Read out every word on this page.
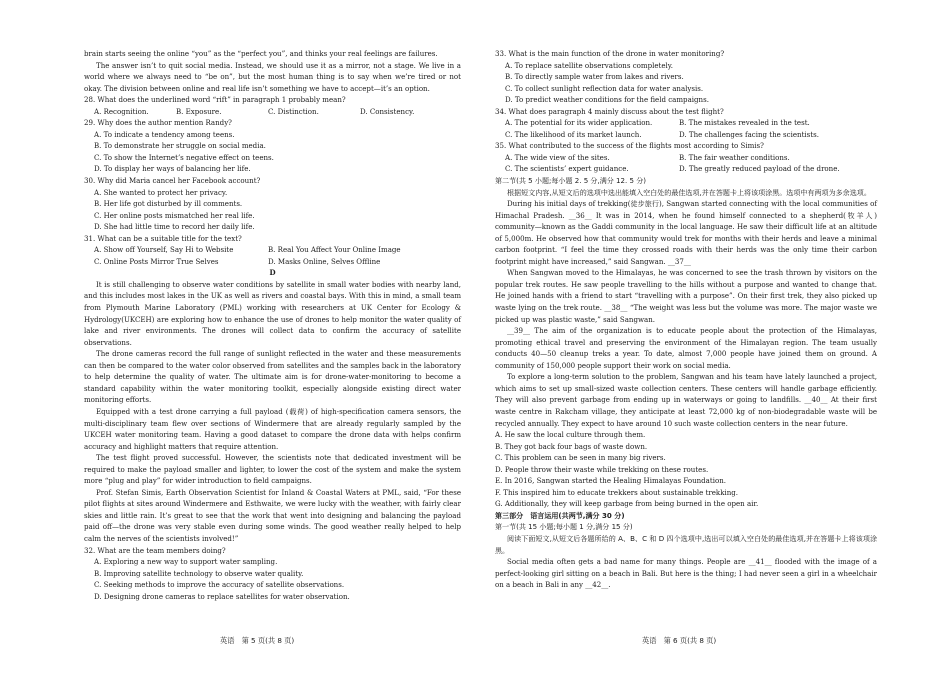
brain starts seeing the online “you” as the “perfect you”, and thinks your real feelings are failures.
The answer isn’t to quit social media. Instead, we should use it as a mirror, not a stage. We live in a world where we always need to “be on”, but the most human thing is to say when we’re tired or not okay. The division between online and real life isn’t something we have to accept—it’s an option.
28. What does the underlined word “rift” in paragraph 1 probably mean?
A. Recognition.	B. Exposure.	C. Distinction.	D. Consistency.
29. Why does the author mention Randy?
A. To indicate a tendency among teens.
B. To demonstrate her struggle on social media.
C. To show the Internet’s negative effect on teens.
D. To display her ways of balancing her life.
30. Why did Maria cancel her Facebook account?
A. She wanted to protect her privacy.
B. Her life got disturbed by ill comments.
C. Her online posts mismatched her real life.
D. She had little time to record her daily life.
31. What can be a suitable title for the text?
A. Show off Yourself, Say Hi to Website	B. Real You Affect Your Online Image
C. Online Posts Mirror True Selves	D. Masks Online, Selves Offline
D
It is still challenging to observe water conditions by satellite in small water bodies with nearby land, and this includes most lakes in the UK as well as rivers and coastal bays. With this in mind, a small team from Plymouth Marine Laboratory (PML) working with researchers at UK Center for Ecology & Hydrology(UKCEH) are exploring how to enhance the use of drones to help monitor the water quality of lake and river environments. The drones will collect data to confirm the accuracy of satellite observations.
The drone cameras record the full range of sunlight reflected in the water and these measurements can then be compared to the water color observed from satellites and the samples back in the laboratory to help determine the quality of water. The ultimate aim is for drone-water-monitoring to become a standard capability within the water monitoring toolkit, especially alongside existing direct water monitoring efforts.
Equipped with a test drone carrying a full payload (载荷) of high-specification camera sensors, the multi-disciplinary team flew over sections of Windermere that are already regularly sampled by the UKCEH water monitoring team. Having a good dataset to compare the drone data with helps confirm accuracy and highlight matters that require attention.
The test flight proved successful. However, the scientists note that dedicated investment will be required to make the payload smaller and lighter, to lower the cost of the system and make the system more “plug and play” for wider introduction to field campaigns.
Prof. Stefan Simis, Earth Observation Scientist for Inland & Coastal Waters at PML, said, “For these pilot flights at sites around Windermere and Esthwaite, we were lucky with the weather, with fairly clear skies and little rain. It’s great to see that the work that went into designing and balancing the payload paid off—the drone was very stable even during some winds. The good weather really helped to help calm the nerves of the scientists involved!”
32. What are the team members doing?
A. Exploring a new way to support water sampling.
B. Improving satellite technology to observe water quality.
C. Seeking methods to improve the accuracy of satellite observations.
D. Designing drone cameras to replace satellites for water observation.
33. What is the main function of the drone in water monitoring?
A. To replace satellite observations completely.
B. To directly sample water from lakes and rivers.
C. To collect sunlight reflection data for water analysis.
D. To predict weather conditions for the field campaigns.
34. What does paragraph 4 mainly discuss about the test flight?
A. The potential for its wider application.	B. The mistakes revealed in the test.
C. The likelihood of its market launch.	D. The challenges facing the scientists.
35. What contributed to the success of the flights most according to Simis?
A. The wide view of the sites.	B. The fair weather conditions.
C. The scientists’ expert guidance.	D. The greatly reduced payload of the drone.
第二节(共 5 小题;每小题 2. 5 分,满分 12. 5 分)
根据短文内容,从短文后的选项中选出能填入空白处的最佳选项,并在答题卡上将该项涂黑。选项中有两项为多余选项。
During his initial days of trekking(徒步旅行), Sangwan started connecting with the local communities of Himachal Pradesh. __36__ It was in 2014, when he found himself connected to a shepherd(牧羊人) community—known as the Gaddi community in the local language. He saw their difficult life at an altitude of 5,000m. He observed how that community would trek for months with their herds and leave a minimal carbon footprint. “I feel the time they crossed roads with their herds was the only time their carbon footprint might have increased,” said Sangwan. __37__
When Sangwan moved to the Himalayas, he was concerned to see the trash thrown by visitors on the popular trek routes. He saw people travelling to the hills without a purpose and wanted to change that. He joined hands with a friend to start “travelling with a purpose”. On their first trek, they also picked up waste lying on the trek route. __38__ “The weight was less but the volume was more. The major waste we picked up was plastic waste,” said Sangwan.
__39__ The aim of the organization is to educate people about the protection of the Himalayas, promoting ethical travel and preserving the environment of the Himalayan region. The team usually conducts 40—50 cleanup treks a year. To date, almost 7,000 people have joined them on ground. A community of 150,000 people support their work on social media.
To explore a long-term solution to the problem, Sangwan and his team have lately launched a project, which aims to set up small-sized waste collection centers. These centers will handle garbage efficiently. They will also prevent garbage from ending up in waterways or going to landfills. __40__ At their first waste centre in Rakcham village, they anticipate at least 72,000 kg of non-biodegradable waste will be recycled annually. They expect to have around 10 such waste collection centers in the near future.
A. He saw the local culture through them.
B. They got back four bags of waste down.
C. This problem can be seen in many big rivers.
D. People throw their waste while trekking on these routes.
E. In 2016, Sangwan started the Healing Himalayas Foundation.
F. This inspired him to educate trekkers about sustainable trekking.
G. Additionally, they will keep garbage from being burned in the open air.
第三部分　语言运用(共两节,满分 30 分)
第一节(共 15 小题;每小题 1 分,满分 15 分)
阅读下面短文,从短文后各题所给的 A、B、C 和 D 四个选项中,选出可以填入空白处的最佳选项,并在答题卡上将该项涂黑。
Social media often gets a bad name for many things. People are __41__ flooded with the image of a perfect-looking girl sitting on a beach in Bali. But here is the thing; I had never seen a girl in a wheelchair on a beach in Bali in any __42__.
英语　第 5 页(共 8 页)	英语　第 6 页(共 8 页)
